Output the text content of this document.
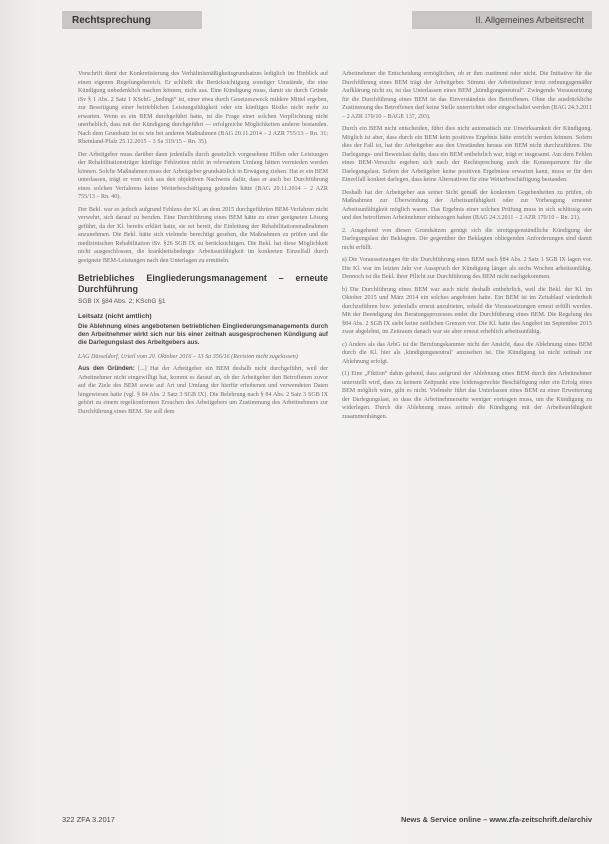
Rechtsprechung	II. Allgemeines Arbeitsrecht

Vorschrift dient der Konkretisierung des Verhältnismäßigkeitsgrundsatzes lediglich im Hinblick auf einen eigenen Regelungsbereich. Er schließt die Berücksichtigung sonstiger Umstände, die eine Kündigung unbedenklich machen können, nicht aus. Eine Kündigung muss, damit sie durch Gründe iSv § 1 Abs. 2 Satz 1 KSchG „bedingt“ ist, einer etwa durch Gesetzeszweck mildere Mittel ergeben, zur Beseitigung einer betrieblichen Leistungsfähigkeit oder ein künftiges Risiko nicht mehr zu erwarten. Wenn es ein BEM durchgeführt hatte, ist die Frage einer solchen Verpflichtung nicht unerheblich, dass mit der Kündigung durchgeführt — erfolgreiche Möglichkeiten anderer bestanden. Nach dem Grundsatz ist es wie bei anderen Maßnahmen (BAG 20.11.2014 – 2 AZR 755/13 – Rn. 31; Rheinland-Pfalz 25.12.2015 – 3 Sa 319/15 – Rn. 35).

Der Arbeitgeber muss darüber dann jedenfalls durch gesetzlich vorgesehene Hilfen oder Leistungen der Rehabilitationsträger künftige Fehlzeiten nicht in relevantem Umfang hätten vermieden werden können. Solche Maßnahmen muss der Arbeitgeber grundsätzlich in Erwägung ziehen. Hat er ein BEM unterlassen, trägt er vom sich aus den objektiven Nachweis dafür, dass er auch bei Durchführung eines solchen Verfahrens keine Weiterbeschäftigung gefunden hätte (BAG 20.11.2014 – 2 AZR 755/13 – Rn. 40).

Der Bekl. war es jedoch aufgrund Fehlens der Kl. an dem 2015 durchgeführten BEM-Verfahren nicht verwehrt, sich darauf zu berufen. Eine Durchführung eines BEM hätte zu einer geeigneten Lösung geführt, da der Kl. bereits erklärt hatte, sie sei bereit, die Einleitung der Rehabilitationsmaßnahmen anzunehmen. Die Bekl. hätte sich vielmehr berechtigt gesehen, die Maßnahmen zu prüfen und die medizinischen Rehabilitation iSv. §26 SGB IX zu berücksichtigen. Die Bekl. hat diese Möglichkeit nicht ausgeschlossen, die krankheitsbedingte Arbeitsunfähigkeit im konkreten Einzelfall durch geeignete BEM-Leistungen nach den Unterlagen zu ermitteln.

Betriebliches Eingliederungsmanagement – erneute Durchführung
SGB IX §84 Abs. 2; KSchG §1
Leitsatz (nicht amtlich)
Die Ablehnung eines angebotenen betrieblichen Eingliederungsmanagements durch den Arbeitnehmer wirkt sich nur bis einer zeitnah ausgesprochenen Kündigung auf die Darlegungslast des Arbeitgebers aus.

LAG Düsseldorf, Urteil vom 20. Oktober 2016 – 13 Sa 356/16 (Revision nicht zugelassen)

Aus den Gründen: [...] Hat der Arbeitgeber ein BEM deshalb nicht durchgeführt, weil der Arbeitnehmer nicht eingewilligt hat, kommt es darauf an, ob der Arbeitgeber den Betroffenen zuvor auf die Ziele des BEM sowie auf Art und Umfang der hierfür erhobenen und verwendeten Daten hingewiesen hatte (vgl. § 84 Abs. 2 Satz 3 SGB IX). Die Belehrung nach § 84 Abs. 2 Satz 3 SGB IX gehört zu einem regelkonformen Ersuchen des Arbeitgebers um Zustimmung des Arbeitnehmers zur Durchführung eines BEM. Sie soll dem

Arbeitnehmer die Entscheidung ermöglichen, ob er ihm zustimmt oder nicht. Die Initiative für die Durchführung eines BEM trägt der Arbeitgeber. Stimmt der Arbeitnehmer trotz ordnungsgemäßer Aufklärung nicht zu, ist das Unterlassen eines BEM „kündigungsneutral“. Zwingende Voraussetzung für die Durchführung eines BEM ist das Einverständnis des Betroffenen. Ohne die ausdrückliche Zustimmung des Betroffenen darf keine Stelle unterrichtet oder eingeschaltet werden (BAG 24.3.2011 – 2 AZR 170/10 – BAGE 137, 293).

Durch ein BEM nicht entscheiden, führt dies nicht automatisch zur Unwirksamkeit der Kündigung. Möglich ist aber, dass durch ein BEM kein positives Ergebnis hätte erreicht werden können. Sofern dies der Fall ist, hat der Arbeitgeber aus den Umständen heraus ein BEM nicht durchzuführen. Die Darlegungs- und Beweislast dafür, dass ein BEM entbehrlich war, trägt er insgesamt. Aus dem Fehlen eines BEM-Versuchs ergeben sich nach der Rechtsprechung auch die Konsequenzen für die Darlegungslast. Sofern der Arbeitgeber keine positiven Ergebnisse erwarten kann, muss er für den Einzelfall konkret darlegen, dass keine Alternativen für eine Weiterbeschäftigung bestanden.

Deshalb hat der Arbeitgeber aus seiner Sicht gemäß der konkreten Gegebenheiten zu prüfen, ob Maßnahmen zur Überwindung der Arbeitsunfähigkeit oder zur Vorbeugung erneuter Arbeitsunfähigkeit möglich waren. Das Ergebnis einer solchen Prüfung muss in sich schlüssig sein und den betroffenen Arbeitnehmer einbezogen haben (BAG 24.3.2011 – 2 AZR 170/10 – Rn. 21).

2. Ausgehend von diesen Grundsätzen genügt sich die streitgegenständliche Kündigung der Darlegungslast der Beklagten. Die gegenüber der Beklagten obliegenden Anforderungen sind damit nicht erfüllt.

a) Die Voraussetzungen für die Durchführung eines BEM nach §84 Abs. 2 Satz 1 SGB IX lagen vor. Die Kl. war im letzten Jahr vor Ausspruch der Kündigung länger als sechs Wochen arbeitsunfähig. Dennoch ist die Bekl. ihrer Pflicht zur Durchführung des BEM nicht nachgekommen.

b) Die Durchführung eines BEM war auch nicht deshalb entbehrlich, weil die Bekl. der Kl. im Oktober 2015 und März 2014 ein solches angeboten hatte. Ein BEM ist im Zeitablauf wiederholt durchzuführen bzw. jedenfalls erneut anzubieten, sobald die Voraussetzungen erneut erfüllt werden. Mit der Beendigung des Beratungsprozesses endet die Durchführung eines BEM. Die Regelung des §84 Abs. 2 SGB IX sieht keine zeitlichen Grenzen vor. Die Kl. hatte das Angebot im September 2015 zwar abgelehnt, im Zeitraum danach war sie aber erneut erheblich arbeitsunfähig.

c) Anders als das ArbG ist die Berufungskammer nicht der Ansicht, dass die Ablehnung eines BEM durch die Kl. hier als ‚kündigungsneutral‘ anzusehen ist. Die Kündigung ist nicht zeitnah zur Ablehnung erfolgt.

(1) Eine „Fiktion“ dahin gehend, dass aufgrund der Ablehnung eines BEM durch den Arbeitnehmer unterstellt wird, dass zu keinem Zeitpunkt eine leidensgerechte Beschäftigung oder ein Erfolg eines BEM möglich wäre, gibt es nicht. Vielmehr führt das Unterlassen eines BEM zu einer Erweiterung der Darlegungslast, so dass die Arbeitnehmerseite weniger vortragen muss, um die Kündigung zu widerlegen. Durch die Ablehnung muss zeitnah die Kündigung mit der Arbeitsunfähigkeit zusammenhängen.

322 ZFA 3.2017	News & Service online – www.zfa-zeitschrift.de/archiv
